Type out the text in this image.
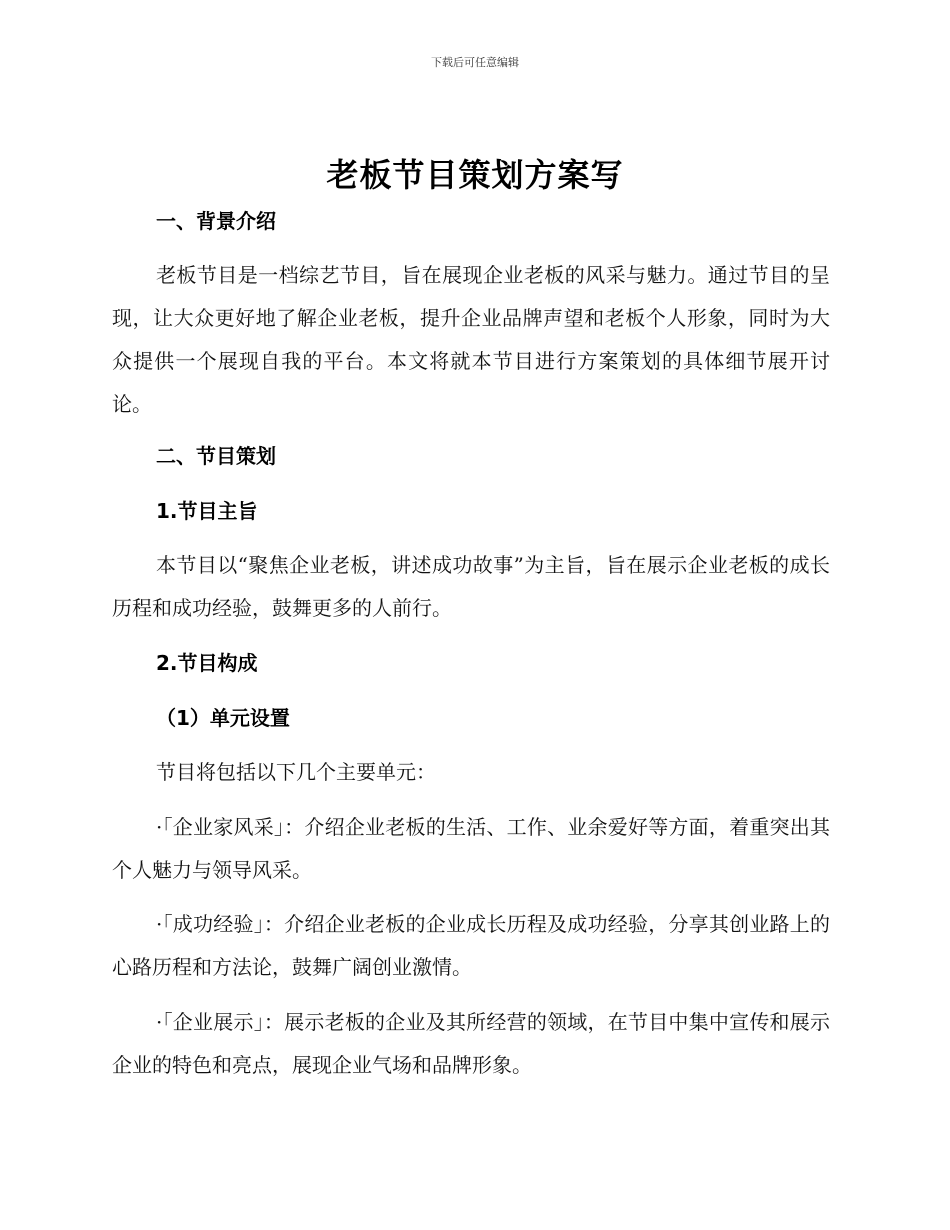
下载后可任意编辑
老板节目策划方案写
一、背景介绍
老板节目是一档综艺节目，旨在展现企业老板的风采与魅力。通过节目的呈现，让大众更好地了解企业老板，提升企业品牌声望和老板个人形象，同时为大众提供一个展现自我的平台。本文将就本节目进行方案策划的具体细节展开讨论。
二、节目策划
1.节目主旨
本节目以“聚焦企业老板，讲述成功故事”为主旨，旨在展示企业老板的成长历程和成功经验，鼓舞更多的人前行。
2.节目构成
（1）单元设置
节目将包括以下几个主要单元：
·「企业家风采」：介绍企业老板的生活、工作、业余爱好等方面，着重突出其个人魅力与领导风采。
·「成功经验」：介绍企业老板的企业成长历程及成功经验，分享其创业路上的心路历程和方法论，鼓舞广阔创业激情。
·「企业展示」：展示老板的企业及其所经营的领域，在节目中集中宣传和展示企业的特色和亮点，展现企业气场和品牌形象。
